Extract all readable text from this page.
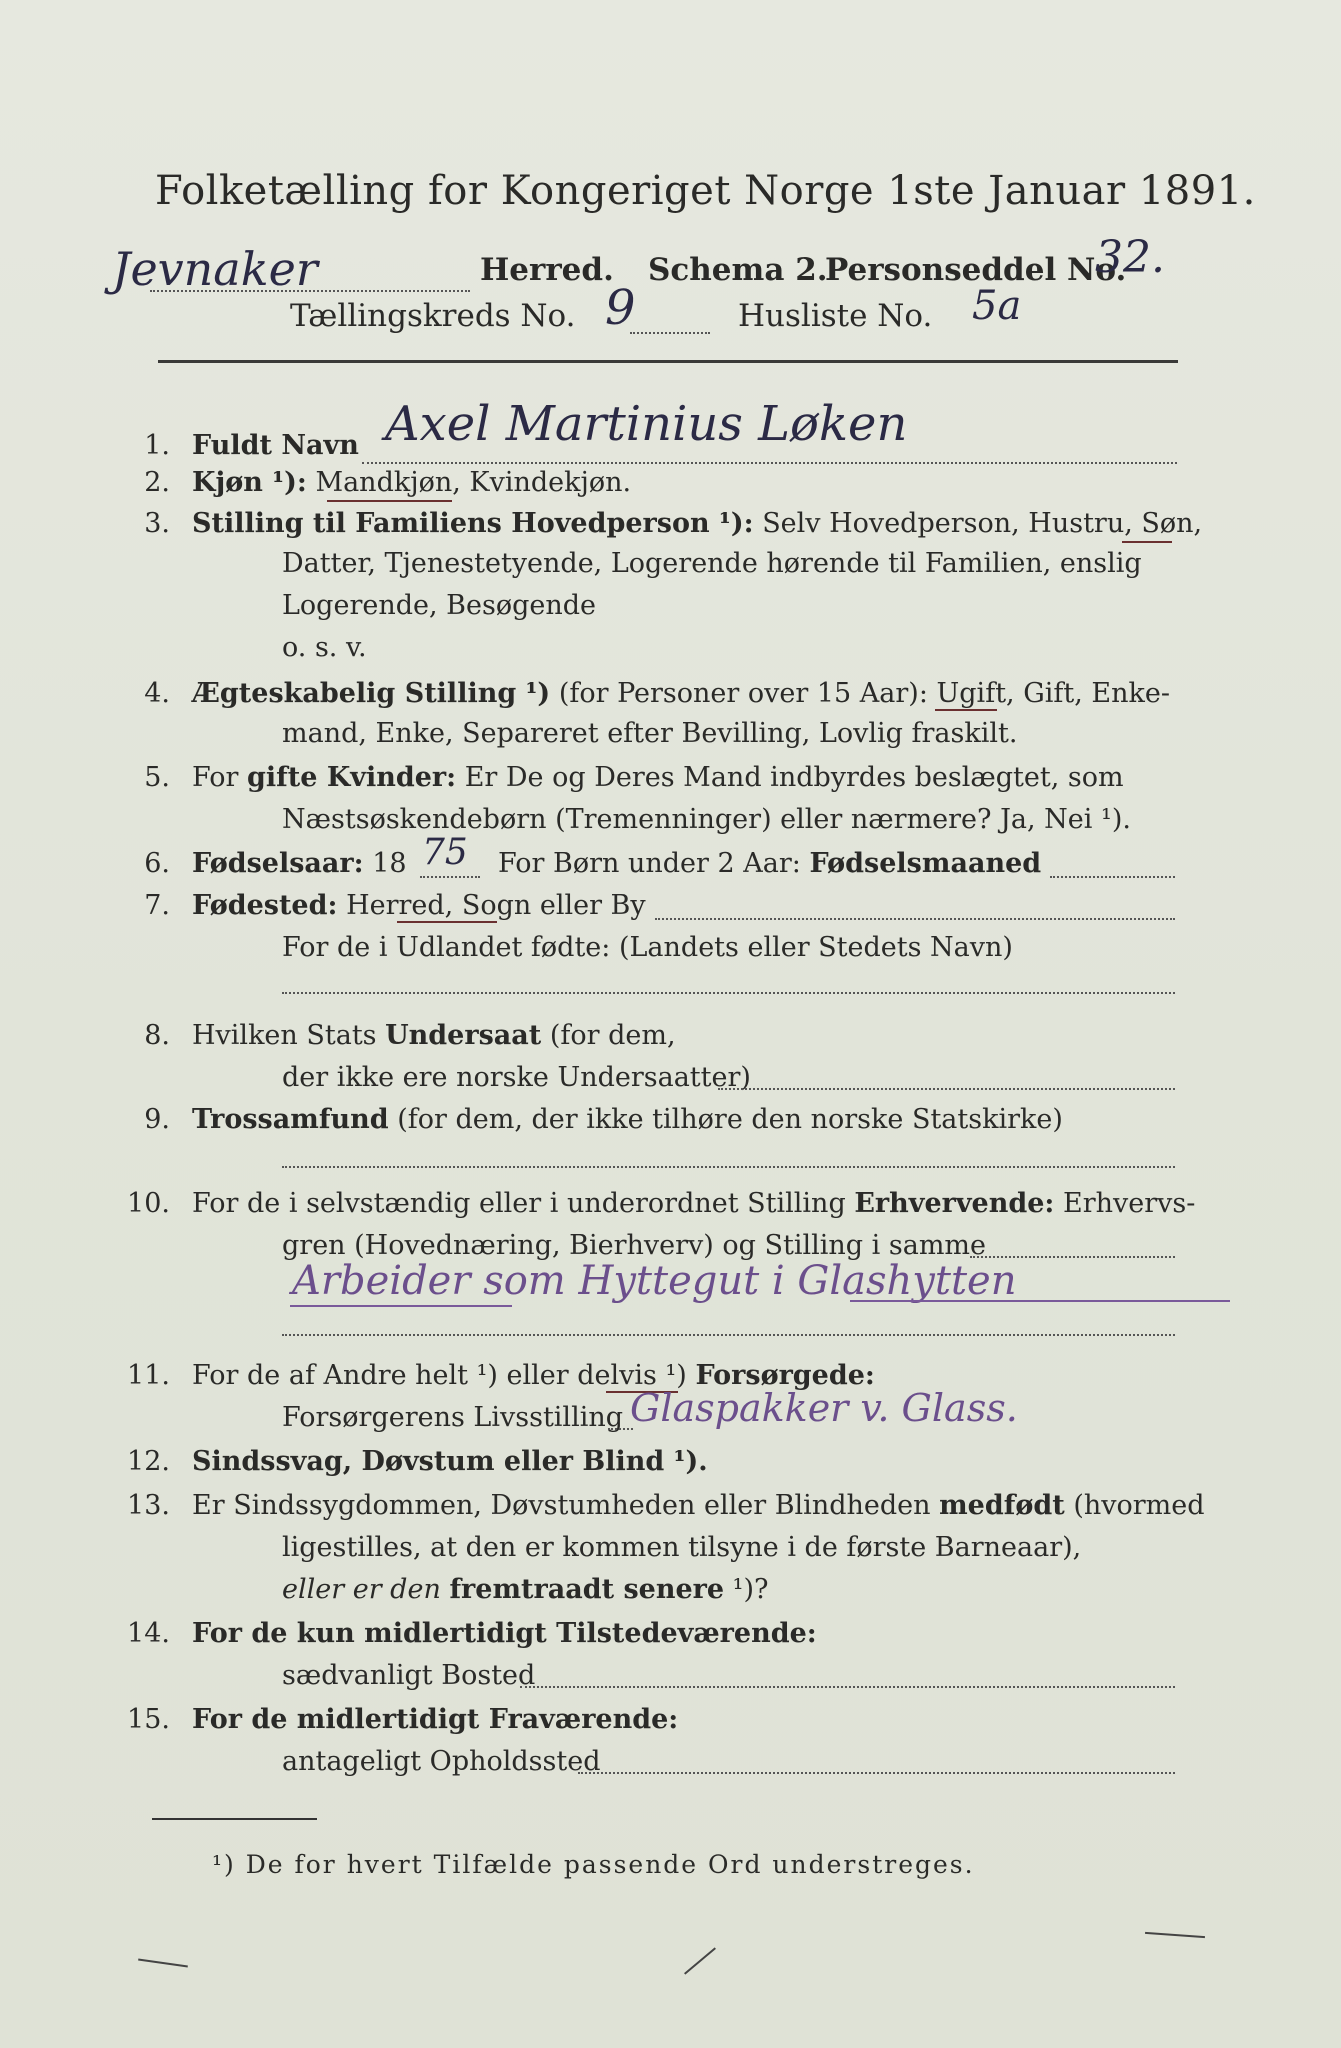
Folketælling for Kongeriget Norge 1ste Januar 1891.
Jevnaker	Herred. Schema 2.
Personseddel No.
32.
Tællingskreds No. 9	Husliste No. 5a
1. Fuldt Navn Axel Martinius Løken
2. Kjøn ¹): Mandkjøn, Kvindekjøn.
3. Stilling til Familiens Hovedperson ¹): Selv Hovedperson, Hustru, Søn,
Datter, Tjenestetyende, Logerende hørende til Familien, enslig
Logerende, Besøgende
o. s. v.
4. Ægteskabelig Stilling ¹) (for Personer over 15 Aar): Ugift, Gift, Enke-
mand, Enke, Separeret efter Bevilling, Lovlig fraskilt.
5. For gifte Kvinder: Er De og Deres Mand indbyrdes beslægtet, som
Næstsøskendebørn (Tremenninger) eller nærmere? Ja, Nei ¹).
6. Fødselsaar: 18 75 For Børn under 2 Aar: Fødselsmaaned
7. Fødested: Herred, Sogn eller By
For de i Udlandet fødte: (Landets eller Stedets Navn)
8. Hvilken Stats Undersaat (for dem,
der ikke ere norske Undersaatter)
9. Trossamfund (for dem, der ikke tilhøre den norske Statskirke)
10. For de i selvstændig eller i underordnet Stilling Erhvervende: Erhvervs-
gren (Hovednæring, Bierhverv) og Stilling i samme
Arbeider som Hyttegut i Glashytten
11. For de af Andre helt ¹) eller delvis ¹) Forsørgede:
Forsørgerens Livsstilling Glaspakker v. Glass.
12. Sindssvag, Døvstum eller Blind ¹).
13. Er Sindssygdommen, Døvstumheden eller Blindheden medfødt (hvormed
ligestilles, at den er kommen tilsyne i de første Barneaar),
eller er den fremtraadt senere ¹)?
14. For de kun midlertidigt Tilstedeværende:
sædvanligt Bosted
15. For de midlertidigt Fraværende:
antageligt Opholdssted
¹) De for hvert Tilfælde passende Ord understreges.
